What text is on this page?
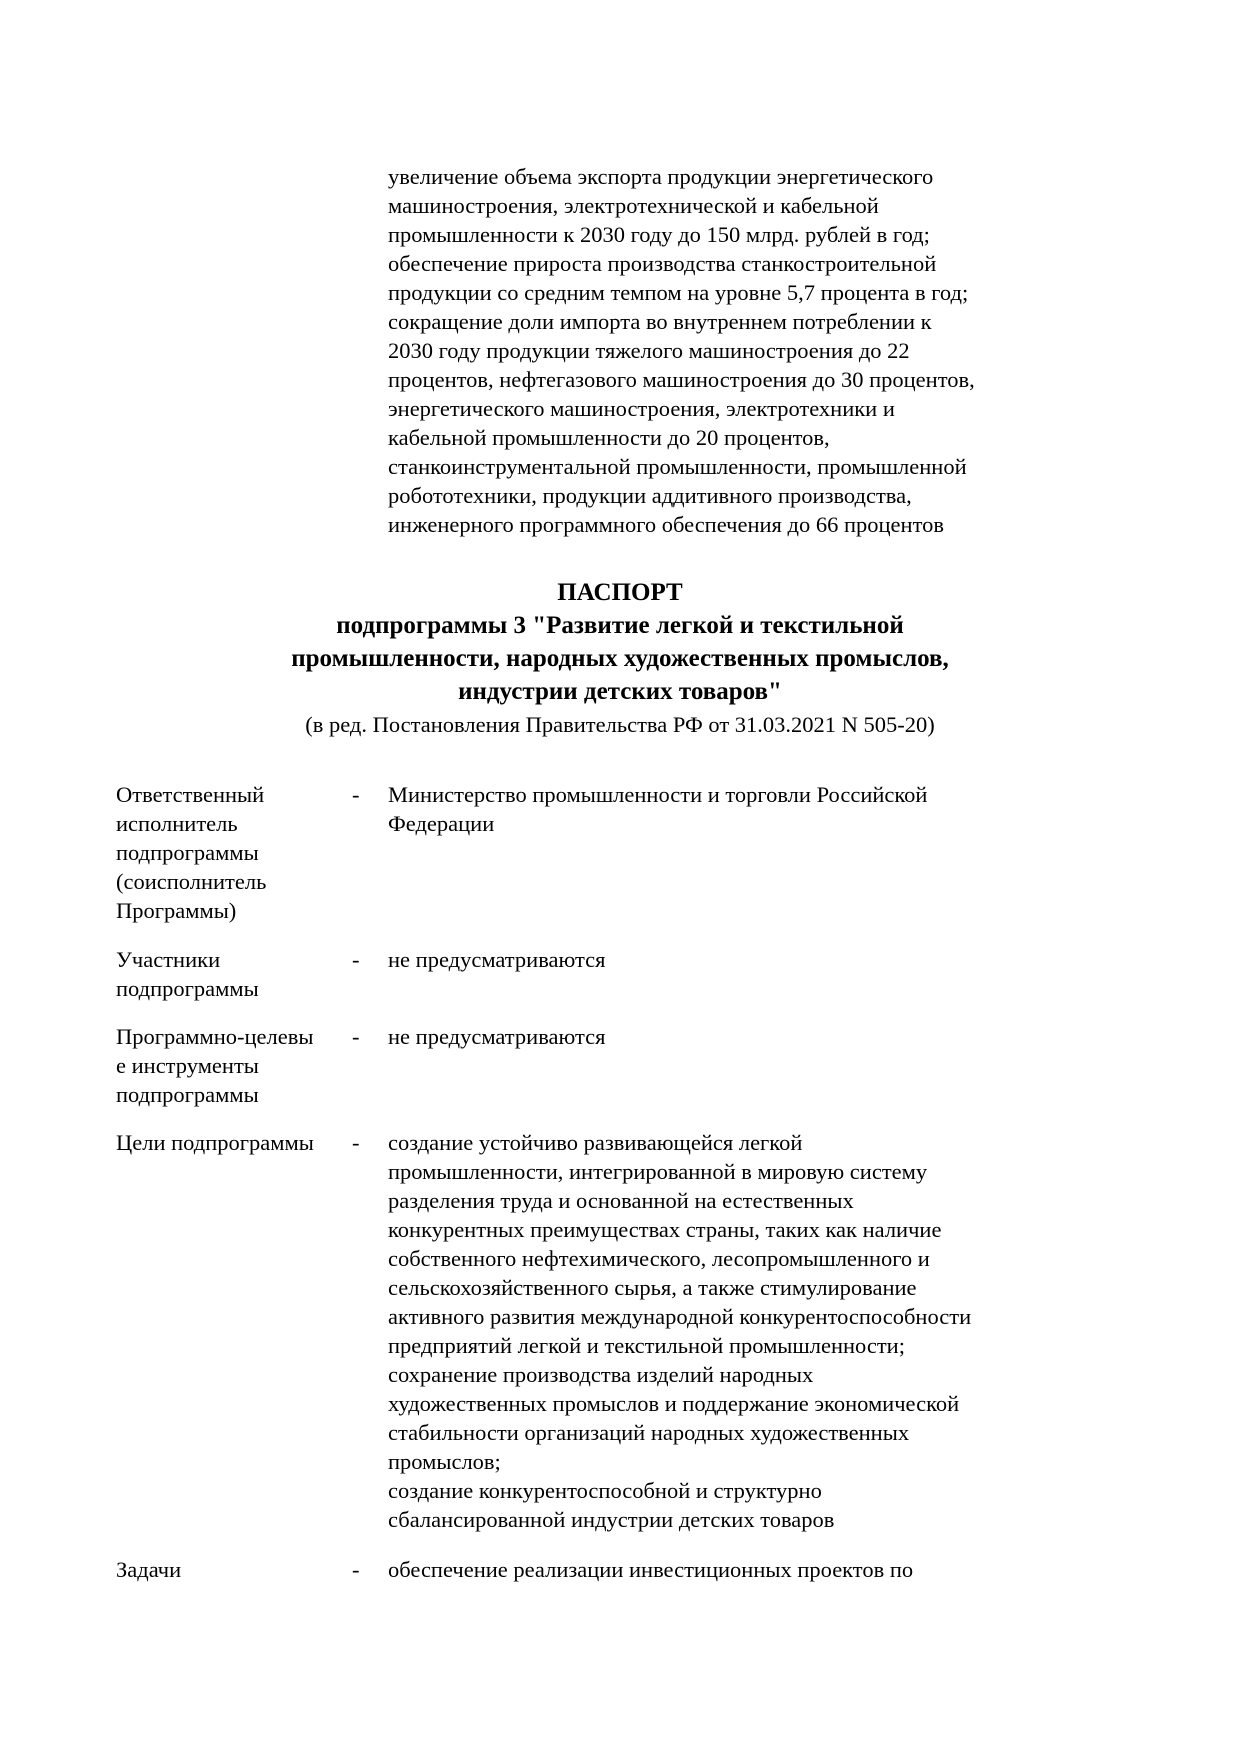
увеличение объема экспорта продукции энергетического
машиностроения, электротехнической и кабельной
промышленности к 2030 году до 150 млрд. рублей в год;
обеспечение прироста производства станкостроительной
продукции со средним темпом на уровне 5,7 процента в год;
сокращение доли импорта во внутреннем потреблении к
2030 году продукции тяжелого машиностроения до 22
процентов, нефтегазового машиностроения до 30 процентов,
энергетического машиностроения, электротехники и
кабельной промышленности до 20 процентов,
станкоинструментальной промышленности, промышленной
робототехники, продукции аддитивного производства,
инженерного программного обеспечения до 66 процентов
ПАСПОРТ
подпрограммы 3 "Развитие легкой и текстильной
промышленности, народных художественных промыслов,
индустрии детских товаров"
(в ред. Постановления Правительства РФ от 31.03.2021 N 505-20)
Ответственный
исполнитель
подпрограммы
(соисполнитель
Программы)
- Министерство промышленности и торговли Российской
Федерации
Участники
подпрограммы
- не предусматриваются
Программно-целевы
е инструменты
подпрограммы
- не предусматриваются
Цели подпрограммы - создание устойчиво развивающейся легкой
промышленности, интегрированной в мировую систему
разделения труда и основанной на естественных
конкурентных преимуществах страны, таких как наличие
собственного нефтехимического, лесопромышленного и
сельскохозяйственного сырья, а также стимулирование
активного развития международной конкурентоспособности
предприятий легкой и текстильной промышленности;
сохранение производства изделий народных
художественных промыслов и поддержание экономической
стабильности организаций народных художественных
промыслов;
создание конкурентоспособной и структурно
сбалансированной индустрии детских товаров
Задачи	- обеспечение реализации инвестиционных проектов по
